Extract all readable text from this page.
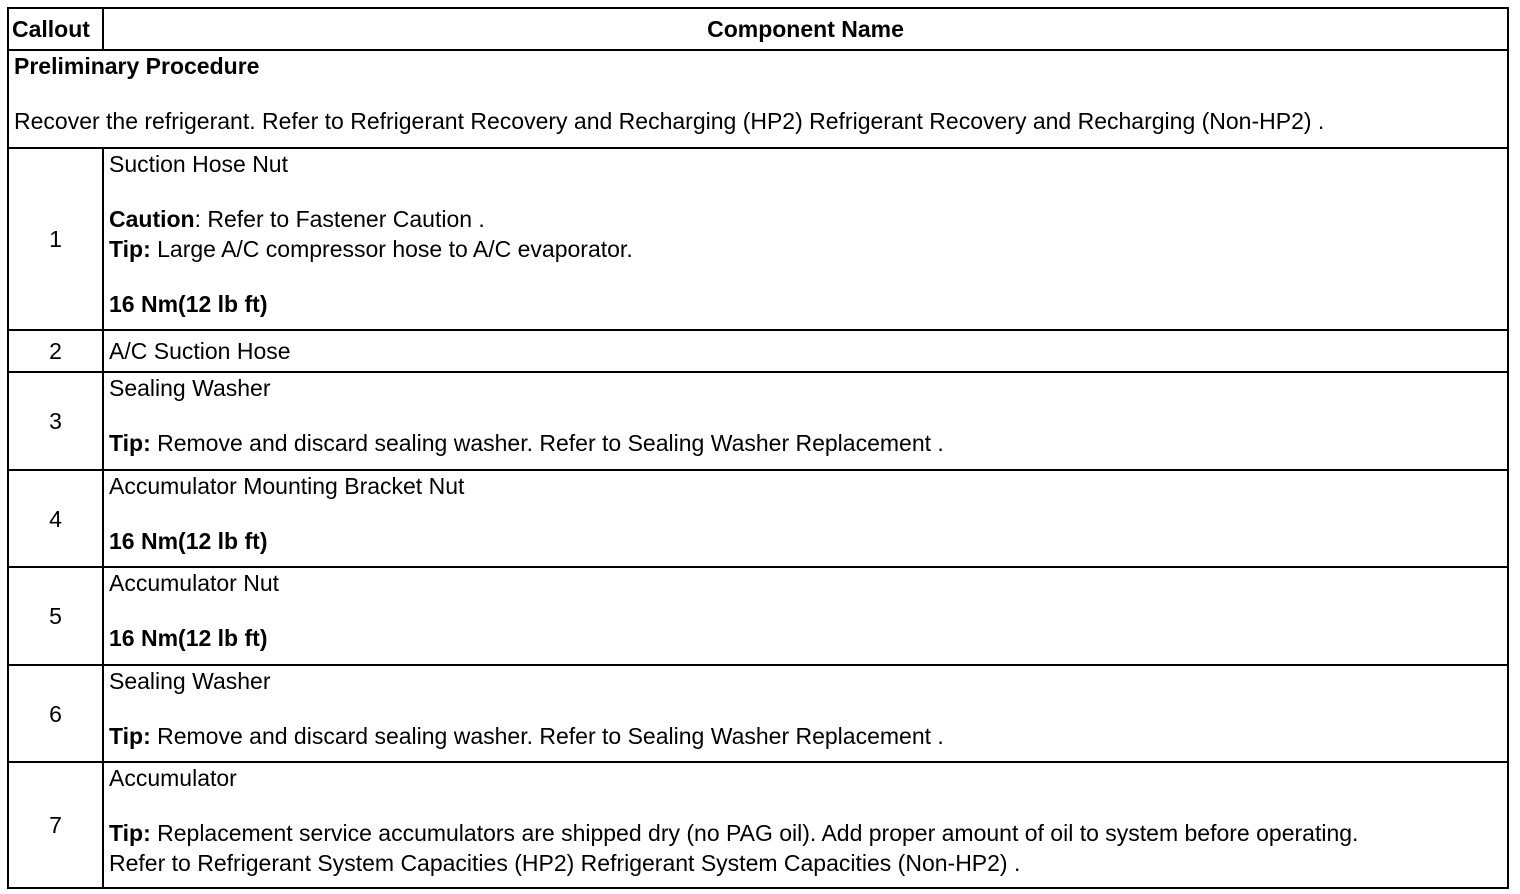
Callout	Component Name

Preliminary Procedure
Recover the refrigerant. Refer to Refrigerant Recovery and Recharging (HP2) Refrigerant Recovery and Recharging (Non-HP2) .	

1	Suction Hose Nut
Caution: Refer to Fastener Caution .
Tip: Large A/C compressor hose to A/C evaporator.
16 Nm(12 lb ft)

2	A/C Suction Hose
3	Sealing Washer
Tip: Remove and discard sealing washer. Refer to Sealing Washer Replacement .

4	Accumulator Mounting Bracket Nut
16 Nm(12 lb ft)

5	Accumulator Nut
16 Nm(12 lb ft)

6	Sealing Washer
Tip: Remove and discard sealing washer. Refer to Sealing Washer Replacement .

7	Accumulator
Tip: Replacement service accumulators are shipped dry (no PAG oil). Add proper amount of oil to system before operating.
Refer to Refrigerant System Capacities (HP2) Refrigerant System Capacities (Non-HP2) .
